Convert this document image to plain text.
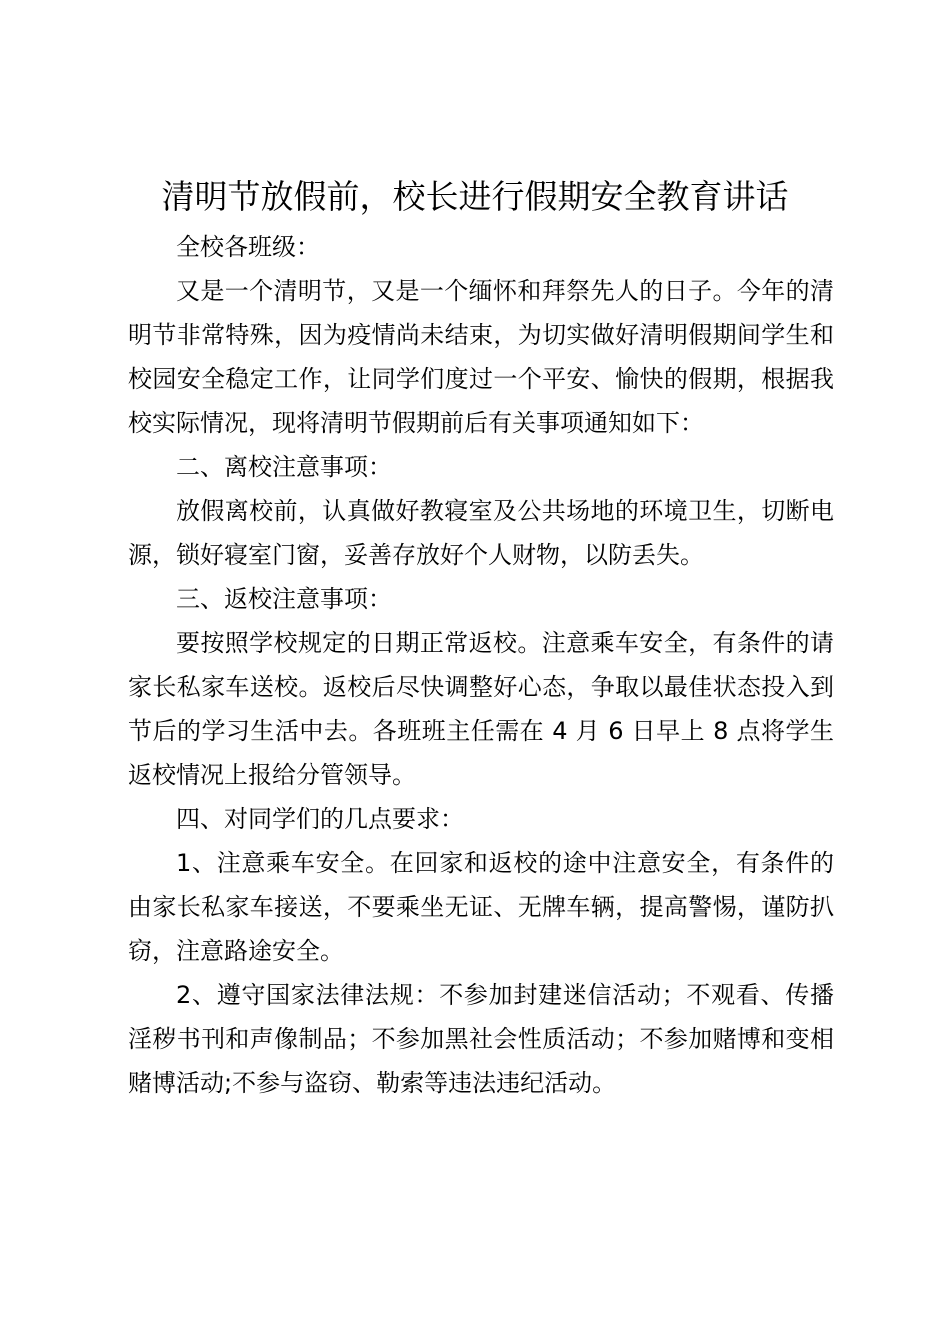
清明节放假前，校长进行假期安全教育讲话

全校各班级：

又是一个清明节，又是一个缅怀和拜祭先人的日子。今年的清明节非常特殊，因为疫情尚未结束，为切实做好清明假期间学生和校园安全稳定工作，让同学们度过一个平安、愉快的假期，根据我校实际情况，现将清明节假期前后有关事项通知如下：

二、离校注意事项：

放假离校前，认真做好教寝室及公共场地的环境卫生，切断电源，锁好寝室门窗，妥善存放好个人财物，以防丢失。

三、返校注意事项：

要按照学校规定的日期正常返校。注意乘车安全，有条件的请家长私家车送校。返校后尽快调整好心态，争取以最佳状态投入到节后的学习生活中去。各班班主任需在 4 月 6 日早上 8 点将学生返校情况上报给分管领导。

四、对同学们的几点要求：

1、注意乘车安全。在回家和返校的途中注意安全，有条件的由家长私家车接送，不要乘坐无证、无牌车辆，提高警惕，谨防扒窃，注意路途安全。

2、遵守国家法律法规：不参加封建迷信活动；不观看、传播淫秽书刊和声像制品；不参加黑社会性质活动；不参加赌博和变相赌博活动;不参与盗窃、勒索等违法违纪活动。
